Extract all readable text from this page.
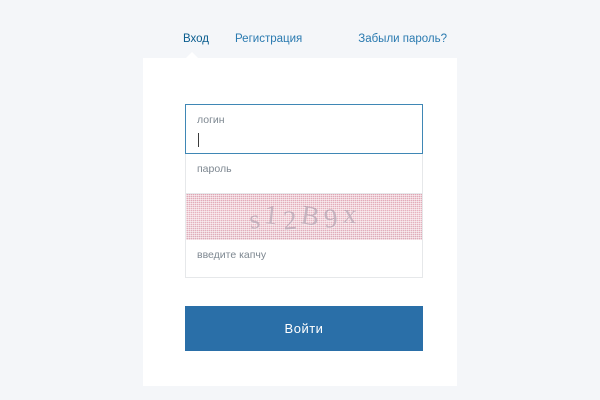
Вход Регистрация	Забыли пароль?
логин
пароль
s
1
2
B
9
x
введите капчу
Войти
